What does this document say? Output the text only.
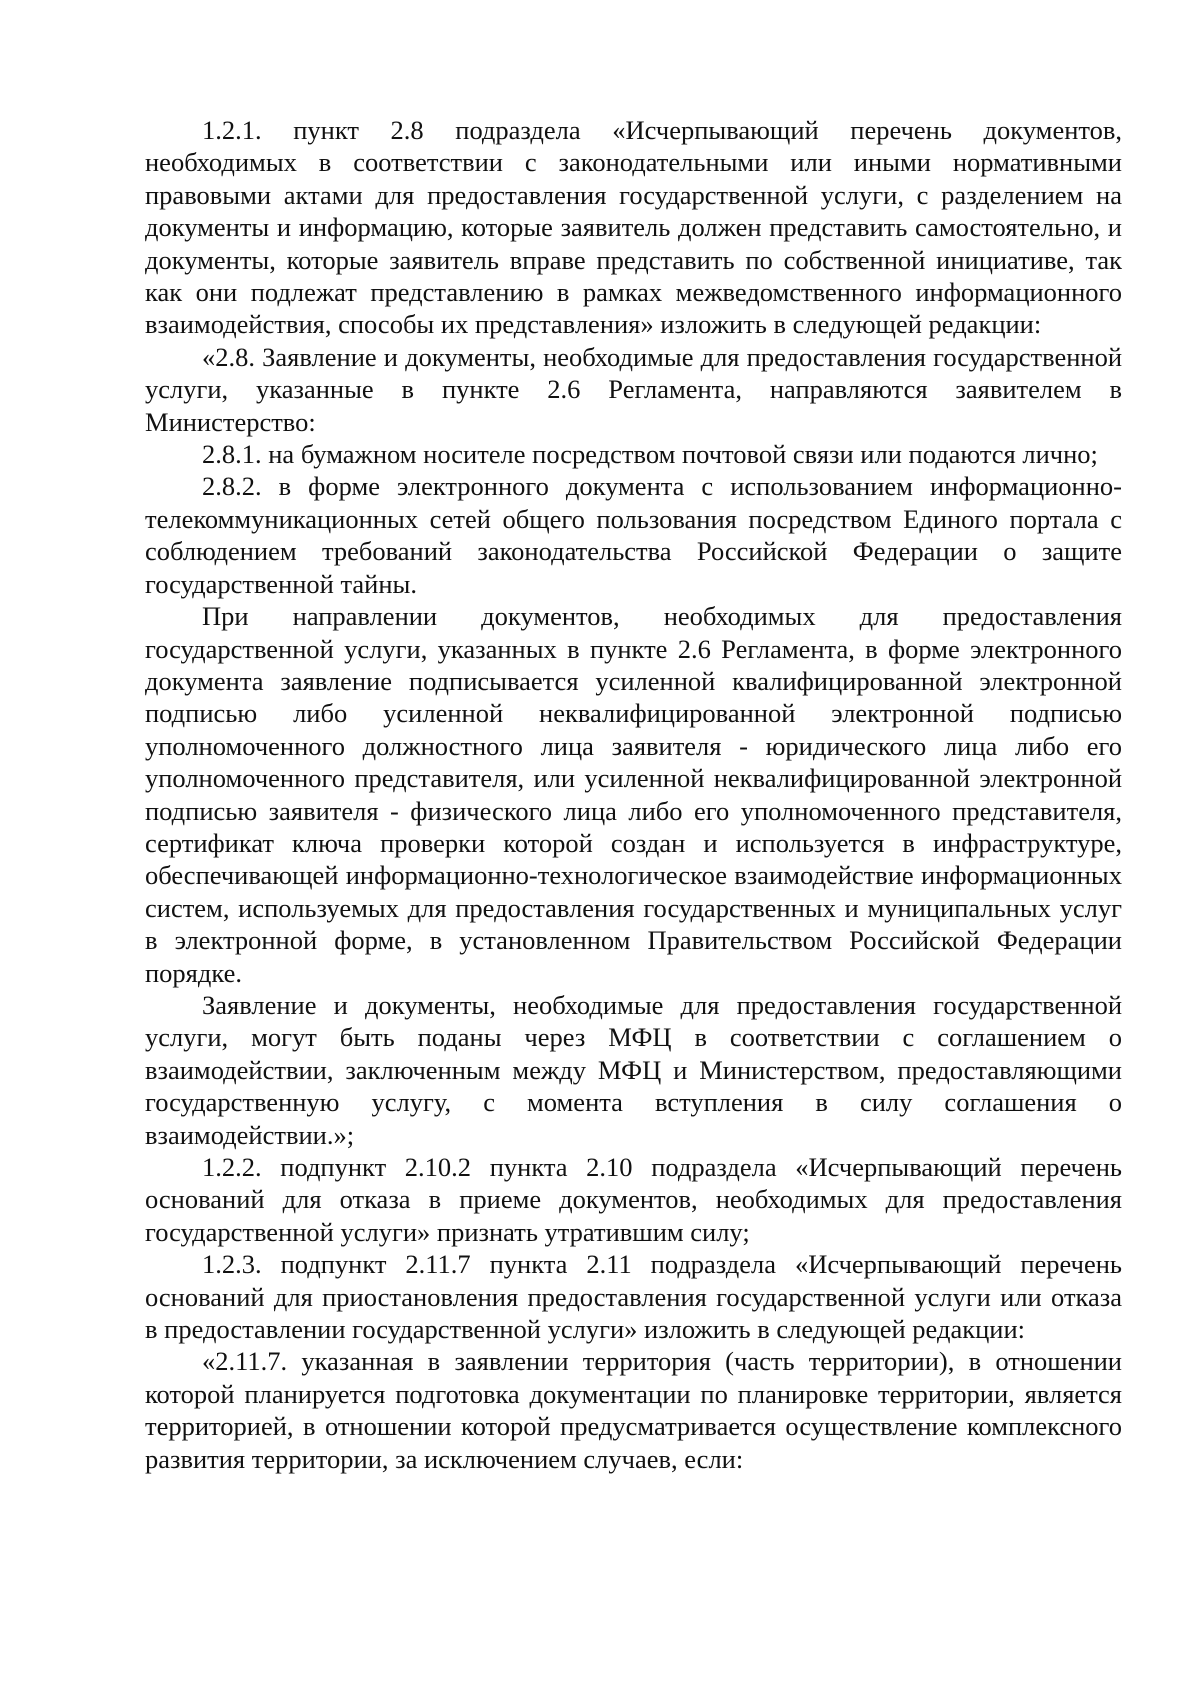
1.2.1. пункт 2.8 подраздела «Исчерпывающий перечень документов, необходимых в соответствии с законодательными или иными нормативными правовыми актами для предоставления государственной услуги, с разделением на документы и информацию, которые заявитель должен представить самостоятельно, и документы, которые заявитель вправе представить по собственной инициативе, так как они подлежат представлению в рамках межведомственного информационного взаимодействия, способы их представления» изложить в следующей редакции:

«2.8. Заявление и документы, необходимые для предоставления государственной услуги, указанные в пункте 2.6 Регламента, направляются заявителем в Министерство:

2.8.1. на бумажном носителе посредством почтовой связи или подаются лично;

2.8.2. в форме электронного документа с использованием информационно-телекоммуникационных сетей общего пользования посредством Единого портала с соблюдением требований законодательства Российской Федерации о защите государственной тайны.

При направлении документов, необходимых для предоставления государственной услуги, указанных в пункте 2.6 Регламента, в форме электронного документа заявление подписывается усиленной квалифицированной электронной подписью либо усиленной неквалифицированной электронной подписью уполномоченного должностного лица заявителя - юридического лица либо его уполномоченного представителя, или усиленной неквалифицированной электронной подписью заявителя - физического лица либо его уполномоченного представителя, сертификат ключа проверки которой создан и используется в инфраструктуре, обеспечивающей информационно-технологическое взаимодействие информационных систем, используемых для предоставления государственных и муниципальных услуг в электронной форме, в установленном Правительством Российской Федерации порядке.

Заявление и документы, необходимые для предоставления государственной услуги, могут быть поданы через МФЦ в соответствии с соглашением о взаимодействии, заключенным между МФЦ и Министерством, предоставляющими государственную услугу, с момента вступления в силу соглашения о взаимодействии.»;

1.2.2. подпункт 2.10.2 пункта 2.10 подраздела «Исчерпывающий перечень оснований для отказа в приеме документов, необходимых для предоставления государственной услуги» признать утратившим силу;

1.2.3. подпункт 2.11.7 пункта 2.11 подраздела «Исчерпывающий перечень оснований для приостановления предоставления государственной услуги или отказа в предоставлении государственной услуги» изложить в следующей редакции:

«2.11.7. указанная в заявлении территория (часть территории), в отношении которой планируется подготовка документации по планировке территории, является территорией, в отношении которой предусматривается осуществление комплексного развития территории, за исключением случаев, если:
